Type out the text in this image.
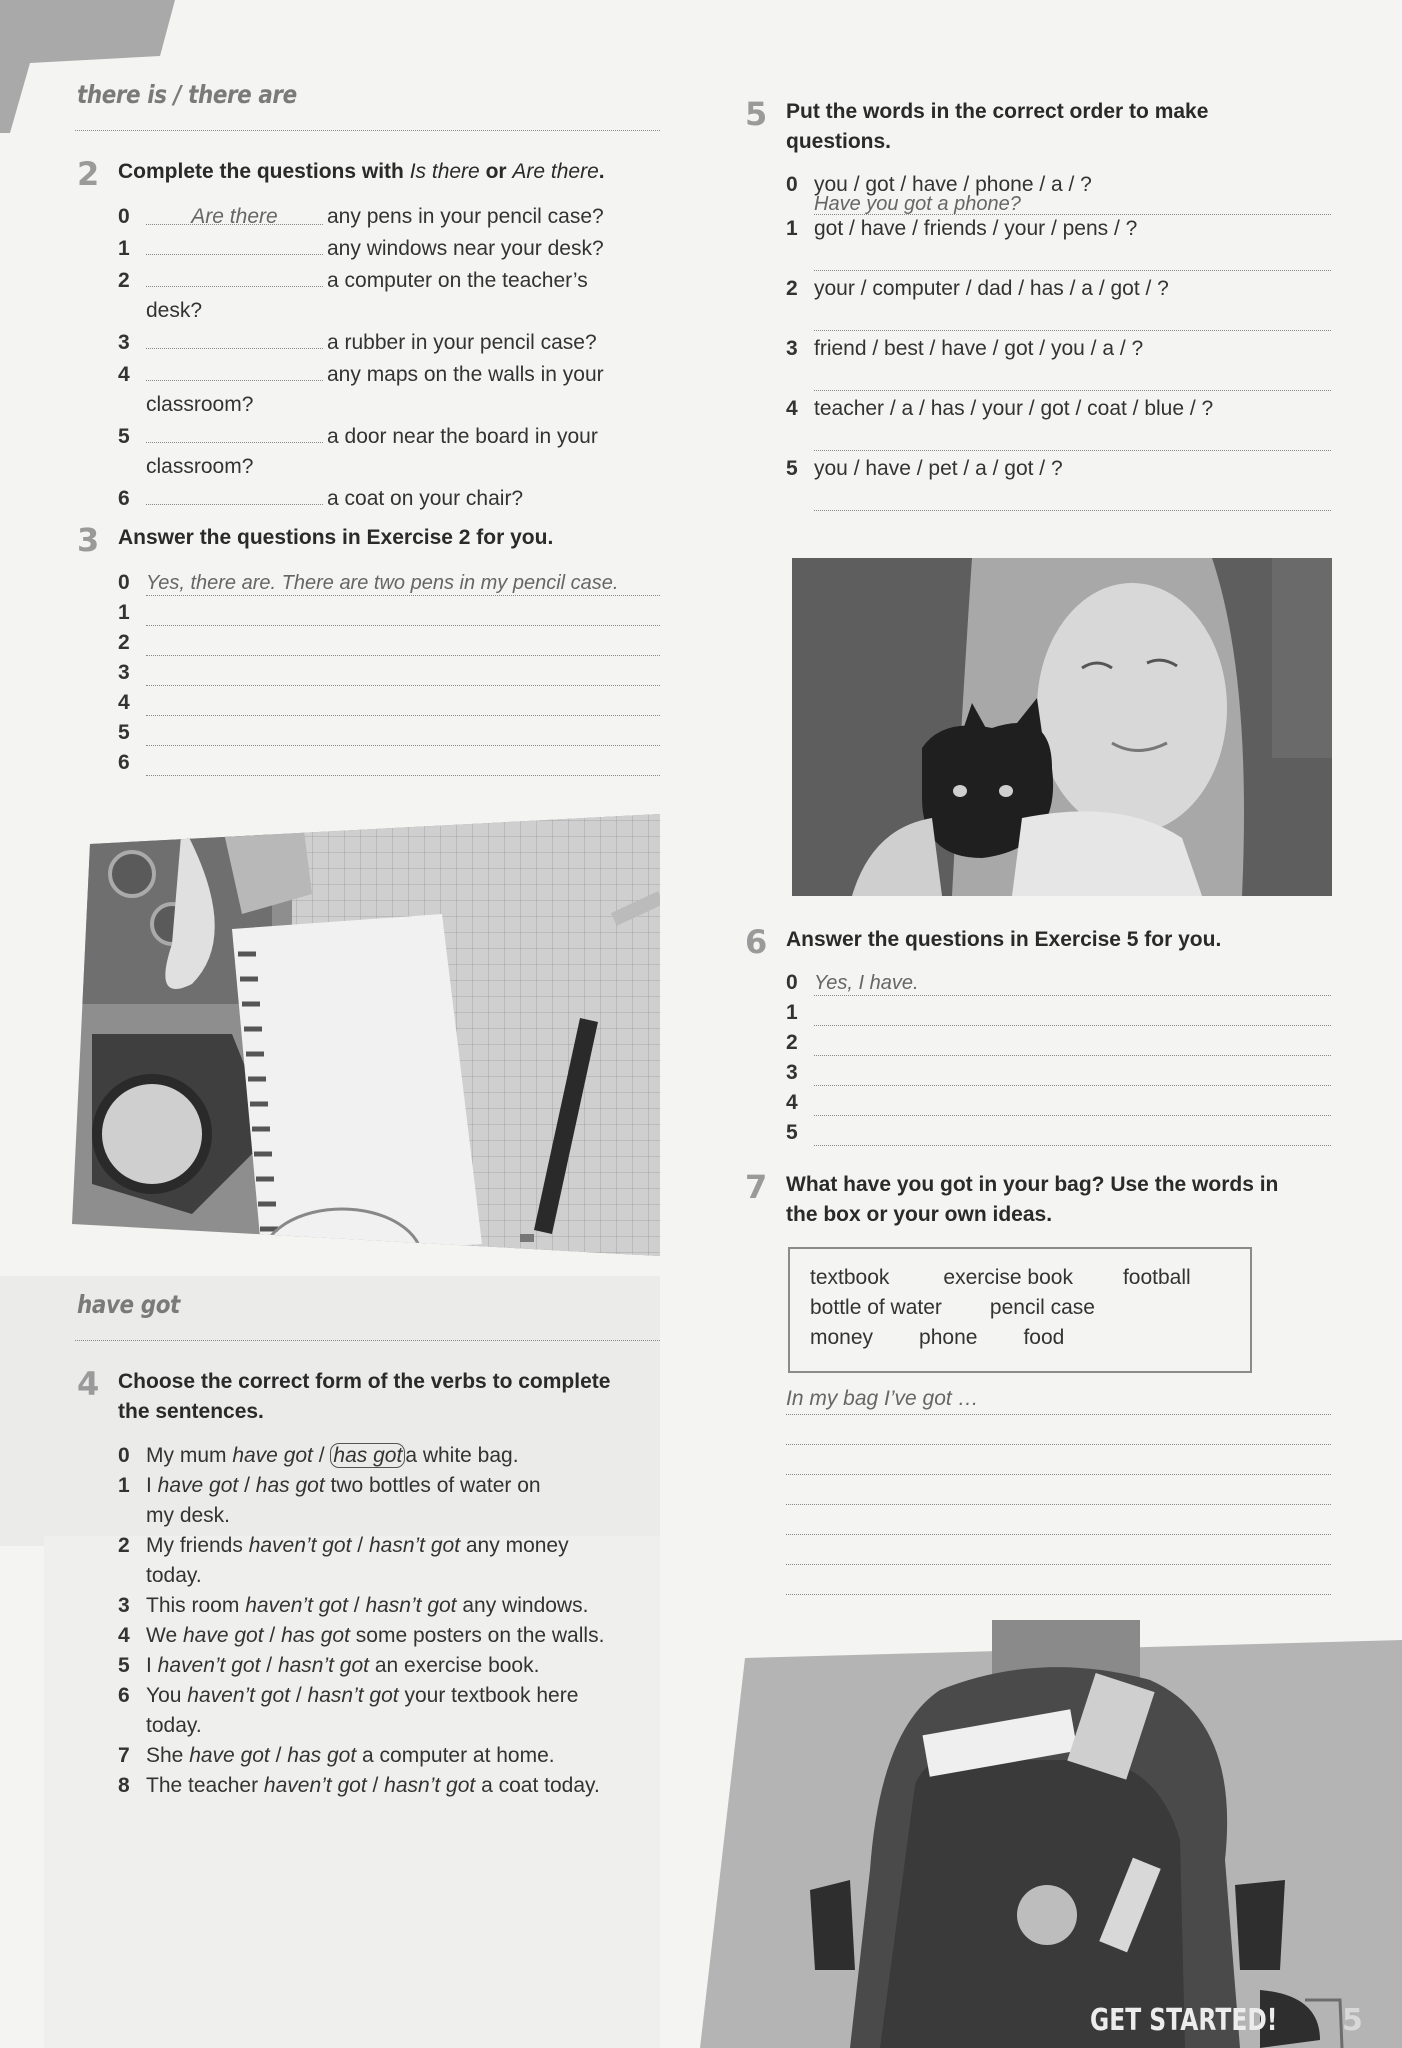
there is / there are
2 Complete the questions with Is there or Are there.
0	Are there any pens in your pencil case?
1	any windows near your desk?
2	a computer on the teacher’s
desk?
3	a rubber in your pencil case?
4	any maps on the walls in your
classroom?
5	a door near the board in your
classroom?
6	a coat on your chair?
3 Answer the questions in Exercise 2 for you.
0 Yes, there are. There are two pens in my pencil case.
1
2
3
4
5
6
have got
4 Choose the correct form of the verbs to complete
the sentences.
0 My mum have got / has got a white bag.
1 I have got / has got two bottles of water on
my desk.
2 My friends haven’t got / hasn’t got any money
today.
3 This room haven’t got / hasn’t got any windows.
4 We have got / has got some posters on the walls.
5 I haven’t got / hasn’t got an exercise book.
6 You haven’t got / hasn’t got your textbook here
today.
7 She have got / has got a computer at home.
8 The teacher haven’t got / hasn’t got a coat today.
5 Put the words in the correct order to make
questions.
0 you / got / have / phone / a / ?
Have you got a phone?
1 got / have / friends / your / pens / ?
2 your / computer / dad / has / a / got / ?
3 friend / best / have / got / you / a / ?
4 teacher / a / has / your / got / coat / blue / ?
5 you / have / pet / a / got / ?
6 Answer the questions in Exercise 5 for you.
0 Yes, I have.
1
2
3
4
5
7 What have you got in your bag? Use the words in
the box or your own ideas.
textbook	exercise book football
bottle of water pencil case
money phone food
In my bag I’ve got …
GET STARTED! 5
